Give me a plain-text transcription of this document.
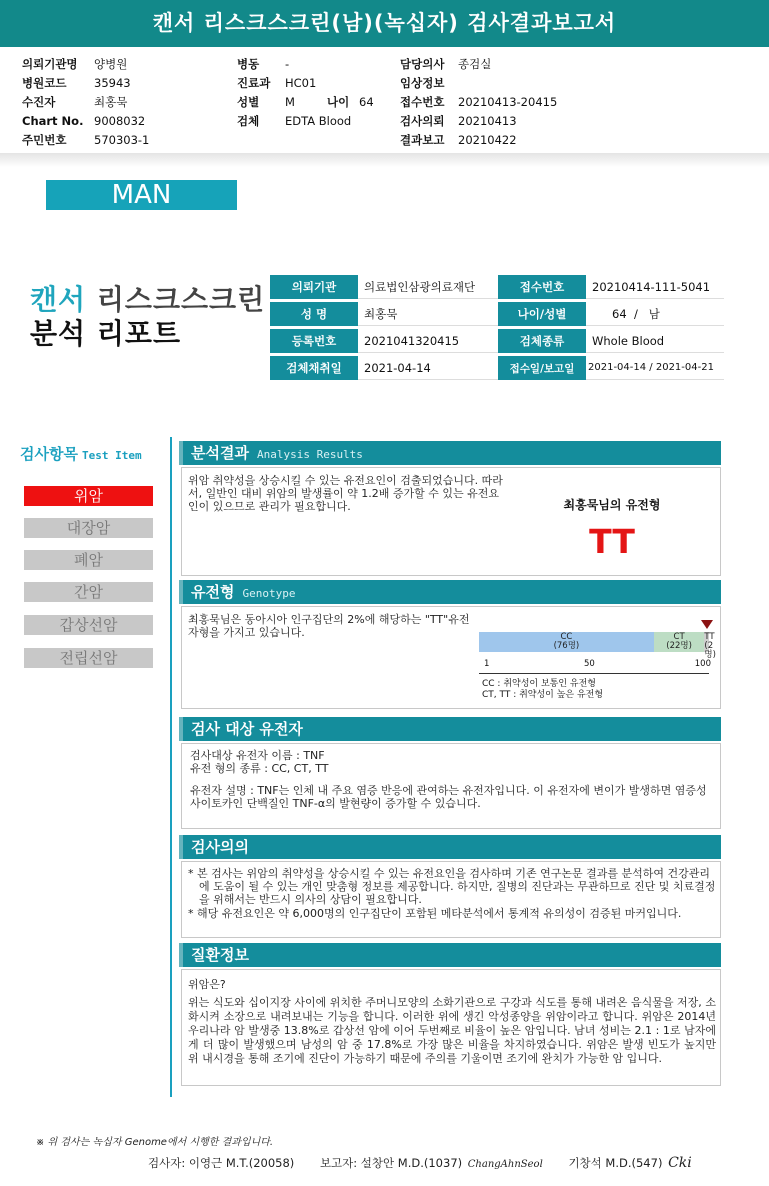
캔서 리스크스크린(남)(녹십자) 검사결과보고서
의뢰기관명 양병원
병원코드 35943
수진자	최홍묵
Chart No. 9008032
주민번호 570303-1
병동 -
진료과 HC01
성별 M	나이 64
검체 EDTA Blood
담당의사 종검실
임상정보
접수번호 20210413-20415
검사의뢰 20210413
결과보고 20210422
MAN
캔서 리스크스크린
분석 리포트
의뢰기관	의료법인삼광의료재단	접수번호	20210414-111-5041
성 명	최홍묵	나이/성별	64  /   남
등록번호	2021041320415	검체종류	Whole Blood
검체채취일	2021-04-14	접수일/보고일	2021-04-14 / 2021-04-21
검사항목 Test Item
위암
대장암
폐암
간암
갑상선암
전립선암
분석결과 Analysis Results
위암 취약성을 상승시킬 수 있는 유전요인이 검출되었습니다. 따라서, 일반인 대비 위암의 발생률이 약 1.2배 증가할 수 있는 유전요인이 있으므로 관리가 필요합니다.	최홍묵님의 유전형
TT
유전형 Genotype
최홍묵님은 동아시아 인구집단의 2%에 해당하는 "TT"유전자형을 가지고 있습니다.	CC
(76명)
CT
(22명)
TT
(2명)
1	50	100
CC : 취약성이 보통인 유전형
CT, TT : 취약성이 높은 유전형
검사 대상 유전자
검사대상 유전자 이름 : TNF
유전 형의 종류 : CC, CT, TT
유전자 설명 : TNF는 인체 내 주요 염증 반응에 관여하는 유전자입니다. 이 유전자에 변이가 발생하면 염증성 사이토카인 단백질인 TNF-α의 발현량이 증가할 수 있습니다.
검사의의
* 본 검사는 위암의 취약성을 상승시킬 수 있는 유전요인을 검사하며 기존 연구논문 결과를 분석하여 건강관리에 도움이 될 수 있는 개인 맞춤형 정보를 제공합니다. 하지만, 질병의 진단과는 무관하므로 진단 및 치료결정을 위해서는 반드시 의사의 상담이 필요합니다.
* 해당 유전요인은 약 6,000명의 인구집단이 포함된 메타분석에서 통계적 유의성이 검증된 마커입니다.
질환정보
위암은?
위는 식도와 십이지장 사이에 위치한 주머니모양의 소화기관으로 구강과 식도를 통해 내려온 음식물을 저장, 소화시켜 소장으로 내려보내는 기능을 합니다. 이러한 위에 생긴 악성종양을 위암이라고 합니다. 위암은 2014년 우리나라 암 발생중 13.8%로 갑상선 암에 이어 두번째로 비율이 높은 암입니다. 남녀 성비는 2.1 : 1로 남자에게 더 많이 발생했으며 남성의 암 중 17.8%로 가장 많은 비율을 차지하였습니다. 위암은 발생 빈도가 높지만 위 내시경을 통해 조기에 진단이 가능하기 때문에 주의를 기울이면 조기에 완치가 가능한 암 입니다.
※ 위 검사는 녹십자 Genome에서 시행한 결과입니다.
검사자: 이영근 M.T.(20058) 보고자: 설창안 M.D.(1037) ChangAhnSeol 기창석 M.D.(547) Cki
